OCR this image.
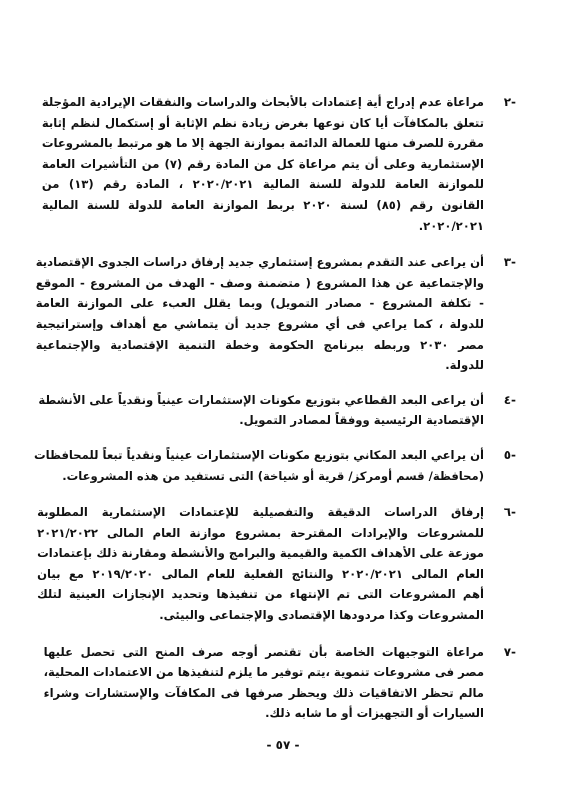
٢-
مراعاة عدم إدراج أية إعتمادات بالأبحاث والدراسات والنفقات الإيرادية المؤجلة
تتعلق بالمكافآت أيا كان نوعها بغرض زيادة نظم الإثابة أو إستكمال لنظم إثابة
مقررة للصرف منها للعمالة الدائمة بموازنة الجهة إلا ما هو مرتبط بالمشروعات
الإستثمارية وعلى أن يتم مراعاة كل من المادة رقم (٧) من التأشيرات العامة
للموازنة العامة للدولة للسنة المالية ٢٠٢٠/٢٠٢١ ، المادة رقم (١٣) من
القانون رقم (٨٥) لسنة ٢٠٢٠ بربط الموازنة العامة للدولة للسنة المالية
٢٠٢٠/٢٠٢١.
٣-
أن يراعى عند التقدم بمشروع إستثماري جديد إرفاق دراسات الجدوى الإقتصادية
والإجتماعية عن هذا المشروع ( متضمنة وصف - الهدف من المشروع - الموقع
- تكلفة المشروع - مصادر التمويل) وبما يقلل العبء على الموازنة العامة
للدولة ، كما يراعي فى أي مشروع جديد أن يتماشي مع أهداف وإستراتيجية
مصر ٢٠٣٠ وربطه ببرنامج الحكومة وخطة التنمية الإقتصادية والإجتماعية
للدولة.
٤-
أن يراعى البعد القطاعي بتوزيع مكونات الإستثمارات عينياً ونقدياً على الأنشطة
الإقتصادية الرئيسية ووفقاً لمصادر التمويل.
٥-
أن يراعي البعد المكاني بتوزيع مكونات الإستثمارات عينياً ونقدياً تبعاً للمحافظات
(محافظة/ قسم أومركز/ قرية أو شياخة) التى تستفيد من هذه المشروعات.
٦-
إرفاق الدراسات الدقيقة والتفصيلية للإعتمادات الإستثمارية المطلوبة
للمشروعات والإيرادات المقترحة بمشروع موازنة العام المالى ٢٠٢١/٢٠٢٢
موزعة على الأهداف الكمية والقيمية والبرامج والأنشطة ومقارنة ذلك بإعتمادات
العام المالى ٢٠٢٠/٢٠٢١ والنتائج الفعلية للعام المالى ٢٠١٩/٢٠٢٠ مع بيان
أهم المشروعات التى تم الإنتهاء من تنفيذها وتحديد الإنجازات العينية لتلك
المشروعات وكذا مردودها الإقتصادى والإجتماعى والبيئى.
٧-
مراعاة التوجيهات الخاصة بأن تقتصر أوجه صرف المنح التى تحصل عليها
مصر فى مشروعات تنموية ،يتم توفير ما يلزم لتنفيذها من الاعتمادات المحلية،
مالم تحظر الاتفاقيات ذلك ويحظر صرفها فى المكافآت والإستشارات وشراء
السيارات أو التجهيزات أو ما شابه ذلك.
- ٥٧ -
